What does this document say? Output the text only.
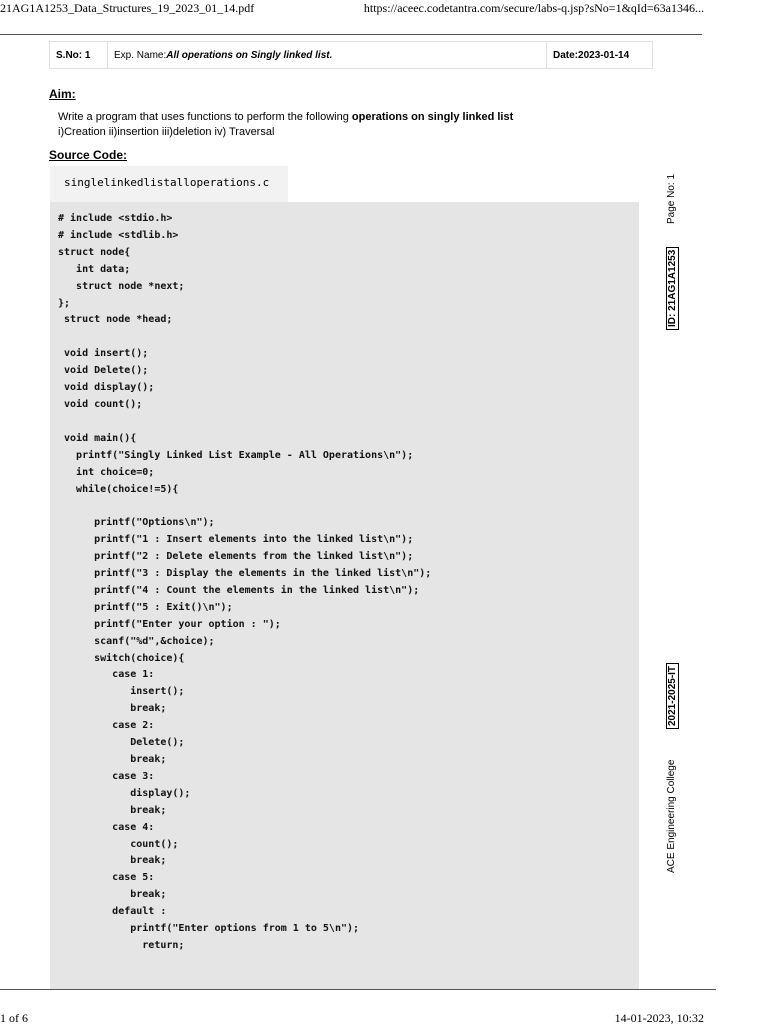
21AG1A1253_Data_Structures_19_2023_01_14.pdf	https://aceec.codetantra.com/secure/labs-q.jsp?sNo=1&qId=63a1346...
S.No: 1	Exp. Name: All operations on Singly linked list.	Date:2023-01-14
Aim:
Write a program that uses functions to perform the following operations on singly linked list
i)Creation ii)insertion iii)deletion iv) Traversal
Source Code:
singlelinkedlistalloperations.c
# include <stdio.h>
# include <stdlib.h>
struct node{
int data;
struct node *next;
};
struct node *head;

void insert();
void Delete();
void display();
void count();

void main(){
printf("Singly Linked List Example - All Operations\n");
int choice=0;
while(choice!=5){

printf("Options\n");
printf("1 : Insert elements into the linked list\n");
printf("2 : Delete elements from the linked list\n");
printf("3 : Display the elements in the linked list\n");
printf("4 : Count the elements in the linked list\n");
printf("5 : Exit()\n");
printf("Enter your option : ");
scanf("%d",&choice);
switch(choice){
case 1:
insert();
break;
case 2:
Delete();
break;
case 3:
display();
break;
case 4:
count();
break;
case 5:
break;
default :
printf("Enter options from 1 to 5\n");
return;
Page No: 1
ID: 21AG1A1253
2021-2025-IT
ACE Engineering College
1 of 6	14-01-2023, 10:32
